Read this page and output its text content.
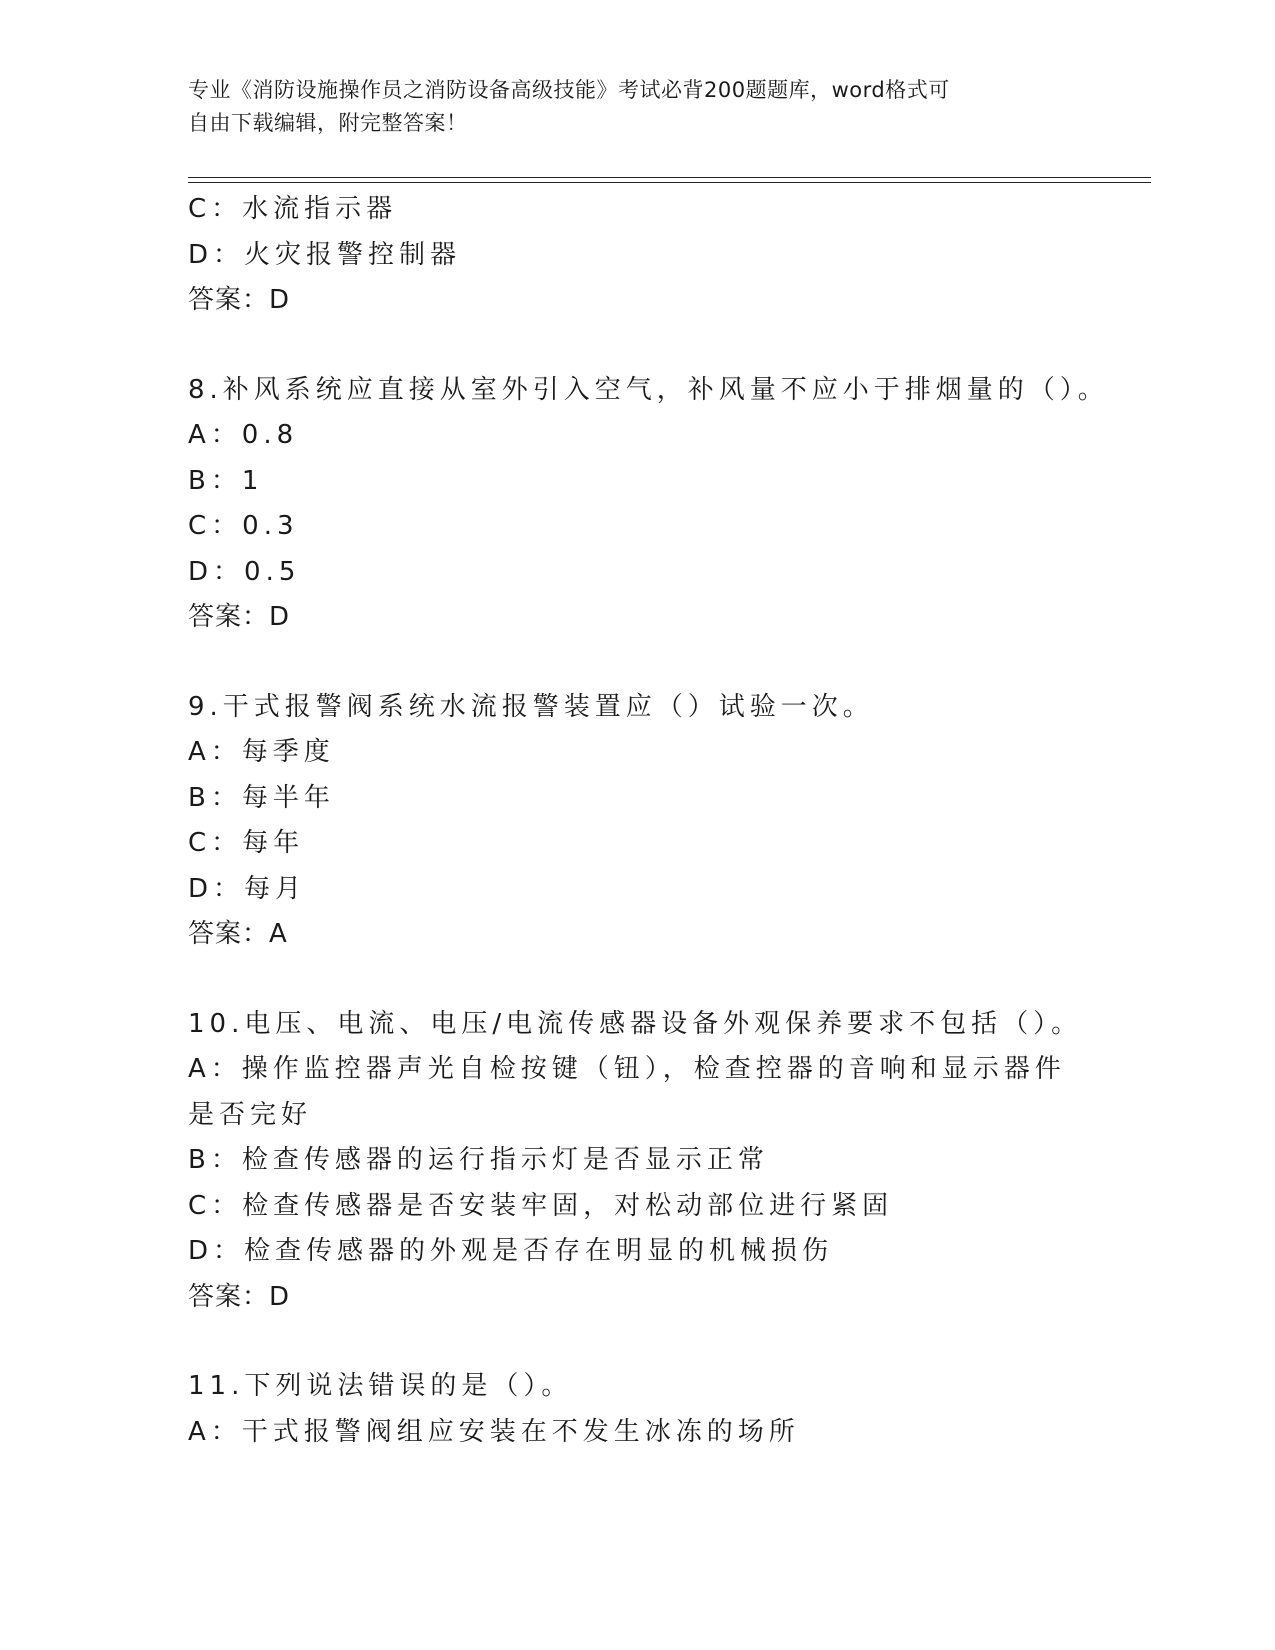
专业《消防设施操作员之消防设备高级技能》考试必背200题题库，word格式可
自由下载编辑，附完整答案！
C：水流指示器
D：火灾报警控制器
答案：D
8.补风系统应直接从室外引入空气，补风量不应小于排烟量的（）。
A：0.8
B：1
C：0.3
D：0.5
答案：D
9.干式报警阀系统水流报警装置应（）试验一次。
A：每季度
B：每半年
C：每年
D：每月
答案：A
10.电压、电流、电压/电流传感器设备外观保养要求不包括（）。
A：操作监控器声光自检按键（钮），检查控器的音响和显示器件是否完好
B：检查传感器的运行指示灯是否显示正常
C：检查传感器是否安装牢固，对松动部位进行紧固
D：检查传感器的外观是否存在明显的机械损伤
答案：D
11.下列说法错误的是（）。
A：干式报警阀组应安装在不发生冰冻的场所
